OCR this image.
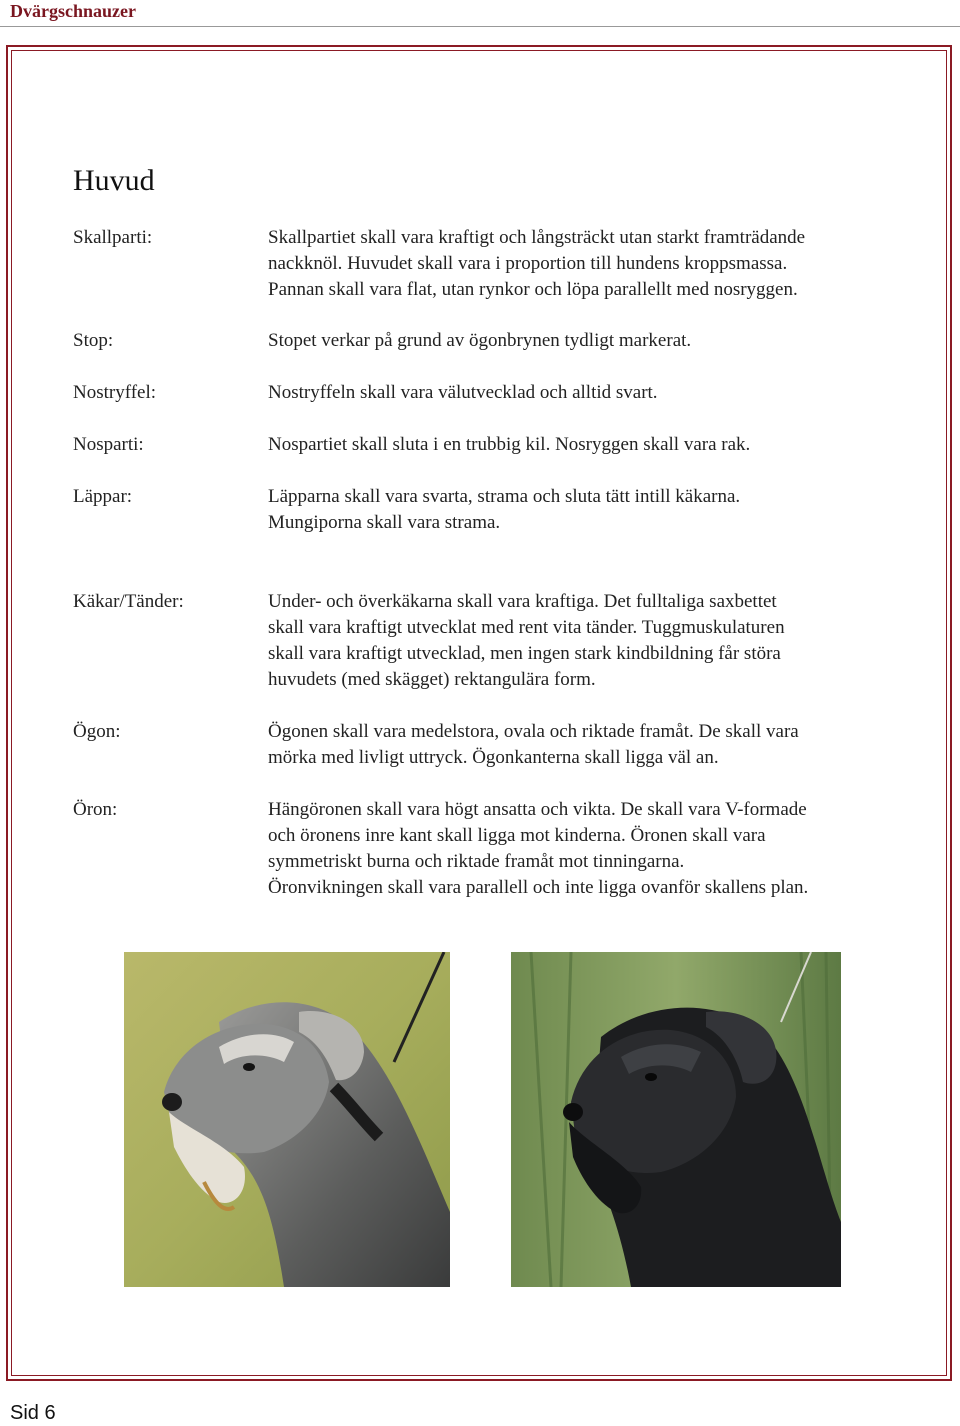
Dvärgschnauzer
Huvud
Skallparti:	Skallpartiet skall vara kraftigt och långsträckt utan starkt framträdande
nackknöl. Huvudet skall vara i proportion till hundens kroppsmassa.
Pannan skall vara flat, utan rynkor och löpa parallellt med nosryggen.
Stop:	Stopet verkar på grund av ögonbrynen tydligt markerat.
Nostryffel:	Nostryffeln skall vara välutvecklad och alltid svart.
Nosparti:	Nospartiet skall sluta i en trubbig kil. Nosryggen skall vara rak.
Läppar:	Läpparna skall vara svarta, strama och sluta tätt intill käkarna.
Mungiporna skall vara strama.
Käkar/Tänder:	Under- och överkäkarna skall vara kraftiga. Det fulltaliga saxbettet
skall vara kraftigt utvecklat med rent vita tänder. Tuggmuskulaturen
skall vara kraftigt utvecklad, men ingen stark kindbildning får störa
huvudets (med skägget) rektangulära form.
Ögon:	Ögonen skall vara medelstora, ovala och riktade framåt. De skall vara
mörka med livligt uttryck. Ögonkanterna skall ligga väl an.
Öron:	Hängöronen skall vara högt ansatta och vikta. De skall vara V-formade
och öronens inre kant skall ligga mot kinderna. Öronen skall vara
symmetriskt burna och riktade framåt mot tinningarna.
Öronvikningen skall vara parallell och inte ligga ovanför skallens plan.
Sid 6
